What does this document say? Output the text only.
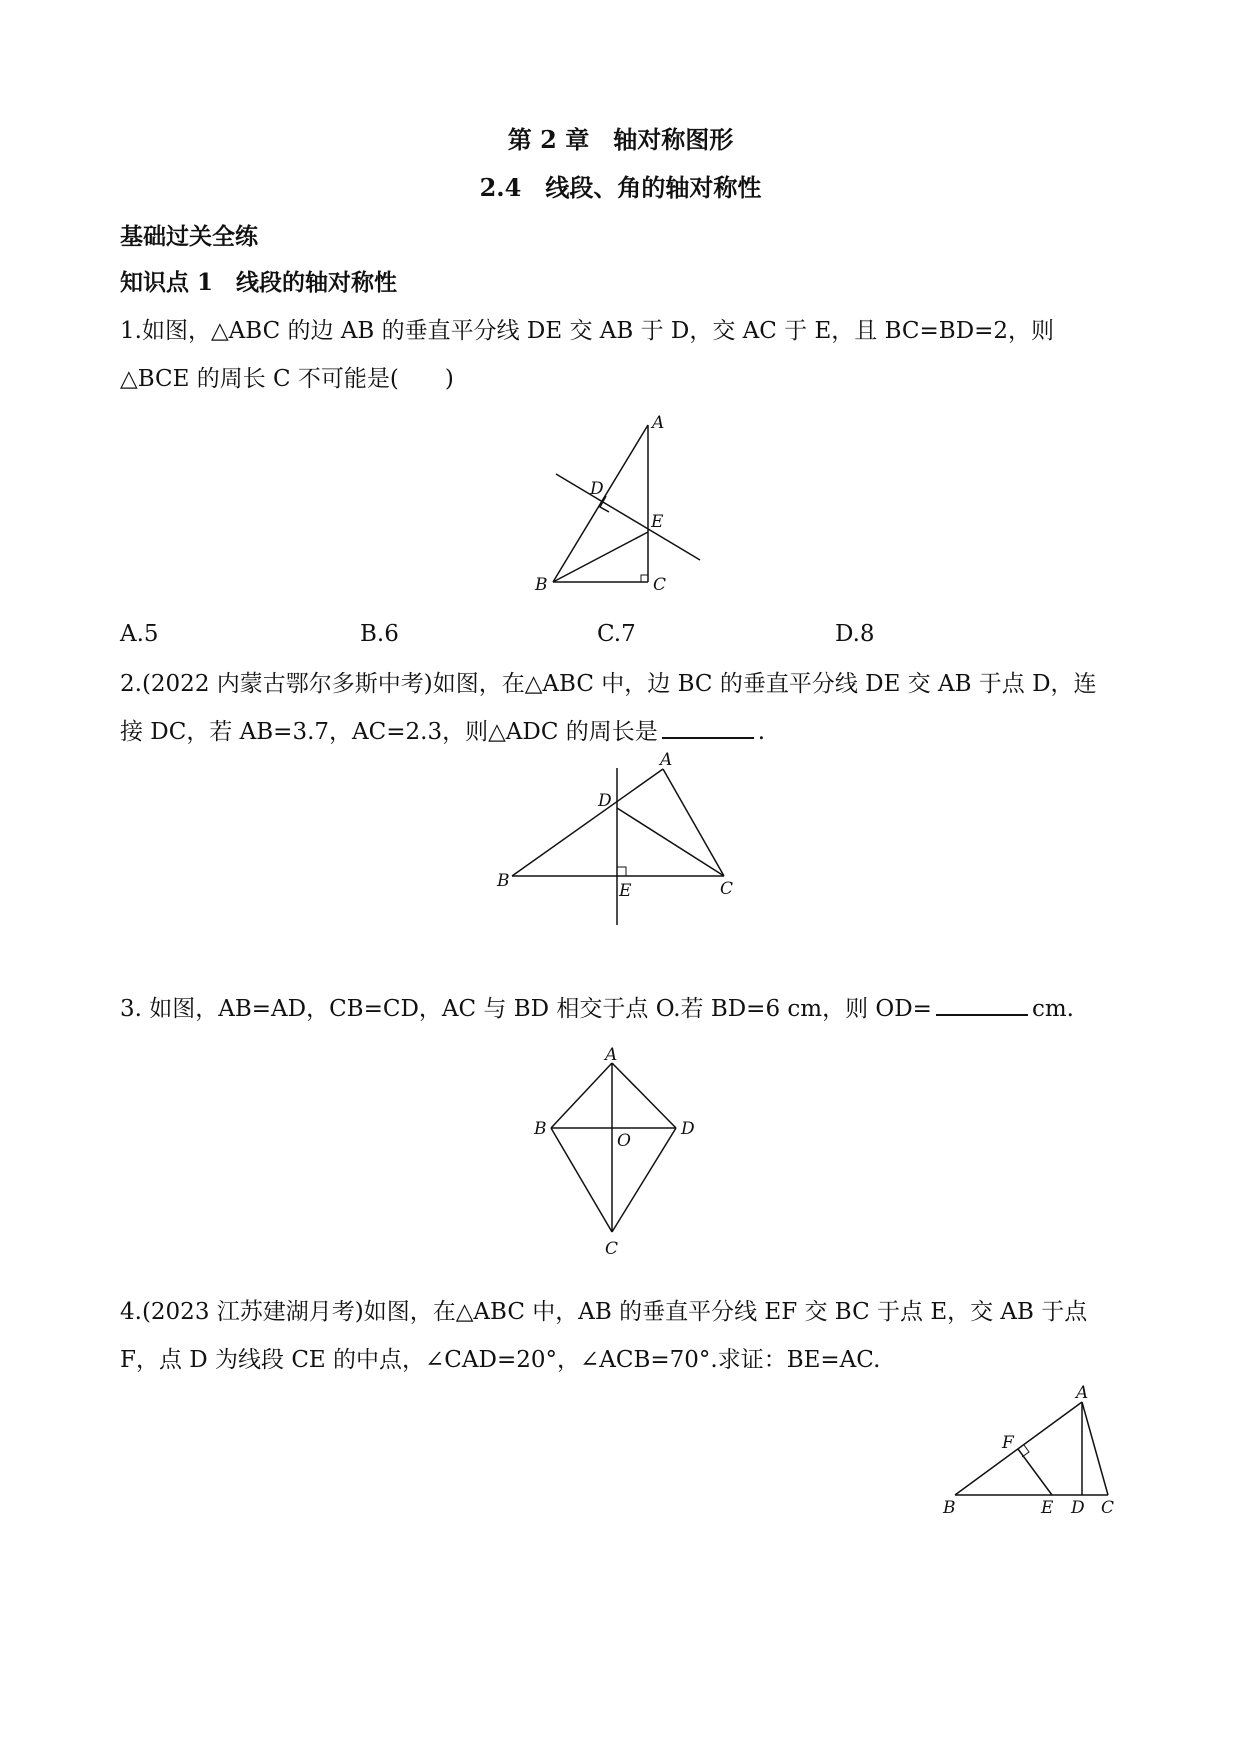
第 2 章　轴对称图形
2.4　线段、角的轴对称性
基础过关全练
知识点 1　线段的轴对称性
1.如图，△ABC 的边 AB 的垂直平分线 DE 交 AB 于 D，交 AC 于 E，且 BC=BD=2，则
△BCE 的周长 C 不可能是(　　)
A
D
E
B	C
A.5	B.6	C.7	D.8
2.(2022 内蒙古鄂尔多斯中考)如图，在△ABC 中，边 BC 的垂直平分线 DE 交 AB 于点 D，连
接 DC，若 AB=3.7，AC=2.3，则△ADC 的周长是	.
A
D
B	E	C
3. 如图，AB=AD，CB=CD，AC 与 BD 相交于点 O.若 BD=6 cm，则 OD=	cm.
A
B
O
D
C
4.(2023 江苏建湖月考)如图，在△ABC 中，AB 的垂直平分线 EF 交 BC 于点 E，交 AB 于点
F，点 D 为线段 CE 的中点，∠CAD=20°，∠ACB=70°.求证：BE=AC.
A
F
B	E D C
